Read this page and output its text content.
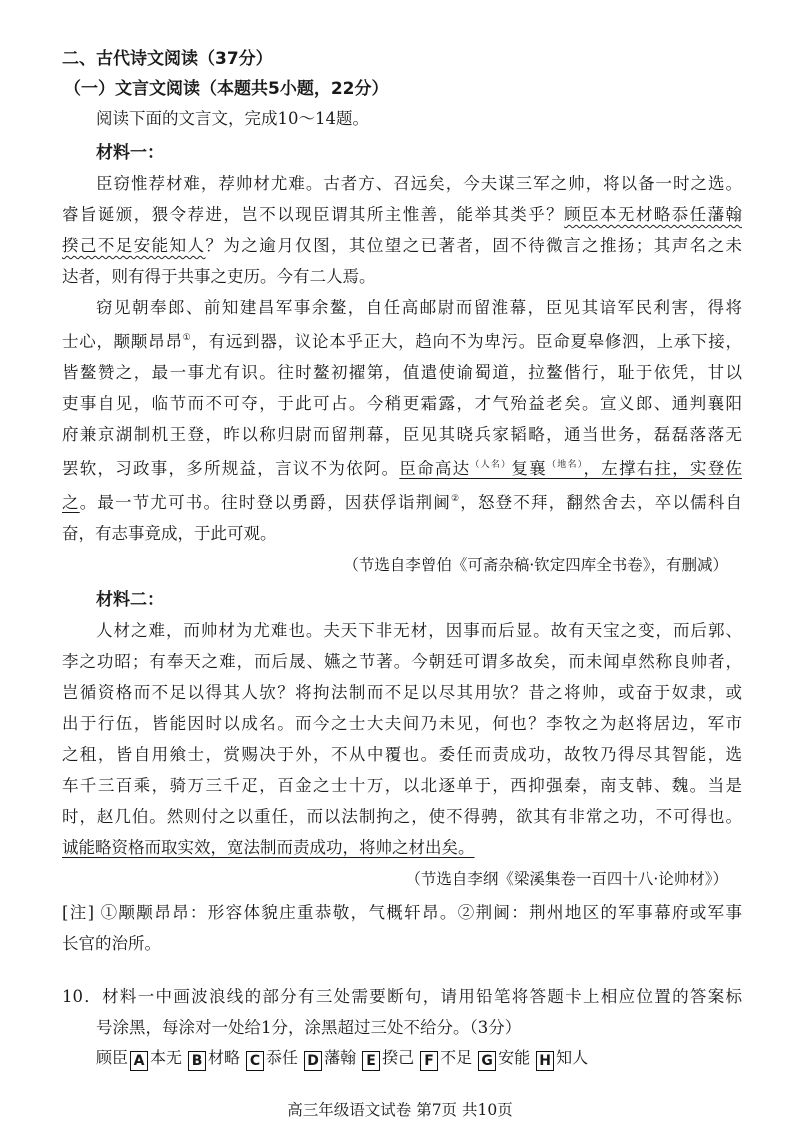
二、古代诗文阅读（37分）
（一）文言文阅读（本题共5小题，22分）
阅读下面的文言文，完成10～14题。
材料一：
臣窃惟荐材难，荐帅材尤难。古者方、召远矣，今夫谋三军之帅，将以备一时之选。
睿旨诞颁，猥令荐进，岂不以现臣谓其所主惟善，能举其类乎？顾臣本无材略忝任藩翰
揆己不足安能知人？为之逾月仅图，其位望之已著者，固不待微言之推扬；其声名之未
达者，则有得于共事之吏历。今有二人焉。
窃见朝奉郎、前知建昌军事余鳌，自任高邮尉而留淮幕，臣见其谙军民利害，得将
士心，颙颙昂昂①，有远到器，议论本乎正大，趋向不为卑污。臣命夏皋修泗，上承下接，
皆鳌赞之，最一事尤有识。往时鳌初擢第，值遣使谕蜀道，拉鳌偕行，耻于依凭，甘以
吏事自见，临节而不可夺，于此可占。今稍更霜露，才气殆益老矣。宣义郎、通判襄阳
府兼京湖制机王登，昨以称归尉而留荆幕，臣见其晓兵家韬略，通当世务，磊磊落落无
罢软，习政事，多所规益，言议不为依阿。臣命高达$^{(人名)}$复襄$^{(地名)}$，左撑右拄，实登佐
之。最一节尤可书。往时登以勇爵，因获俘诣荆阃②，怒登不拜，翻然舍去，卒以儒科自
奋，有志事竟成，于此可观。
（节选自李曾伯《可斋杂稿·钦定四库全书卷》，有删减）
材料二：
人材之难，而帅材为尤难也。夫天下非无材，因事而后显。故有天宝之变，而后郭、
李之功昭；有奉天之难，而后晟、嬿之节著。今朝廷可谓多故矣，而未闻卓然称良帅者，
岂循资格而不足以得其人欤？将拘法制而不足以尽其用欤？昔之将帅，或奋于奴隶，或
出于行伍，皆能因时以成名。而今之士大夫间乃未见，何也？李牧之为赵将居边，军市
之租，皆自用飨士，赏赐决于外，不从中覆也。委任而责成功，故牧乃得尽其智能，选
车千三百乘，骑万三千疋，百金之士十万，以北逐单于，西抑强秦，南支韩、魏。当是
时，赵几伯。然则付之以重任，而以法制拘之，使不得骋，欲其有非常之功，不可得也。
诚能略资格而取实效，宽法制而责成功，将帅之材出矣。
（节选自李纲《梁溪集卷一百四十八·论帅材》）
[注] ①颙颙昂昂：形容体貌庄重恭敬，气概轩昂。②荆阃：荆州地区的军事幕府或军事
长官的治所。
10．材料一中画波浪线的部分有三处需要断句，请用铅笔将答题卡上相应位置的答案标
号涂黑，每涂对一处给1分，涂黑超过三处不给分。（3分）
顾臣 A 本无 B 材略 C 忝任 D 藩翰 E 揆己 F 不足 G 安能 H 知人
高三年级语文试卷 第7页 共10页
